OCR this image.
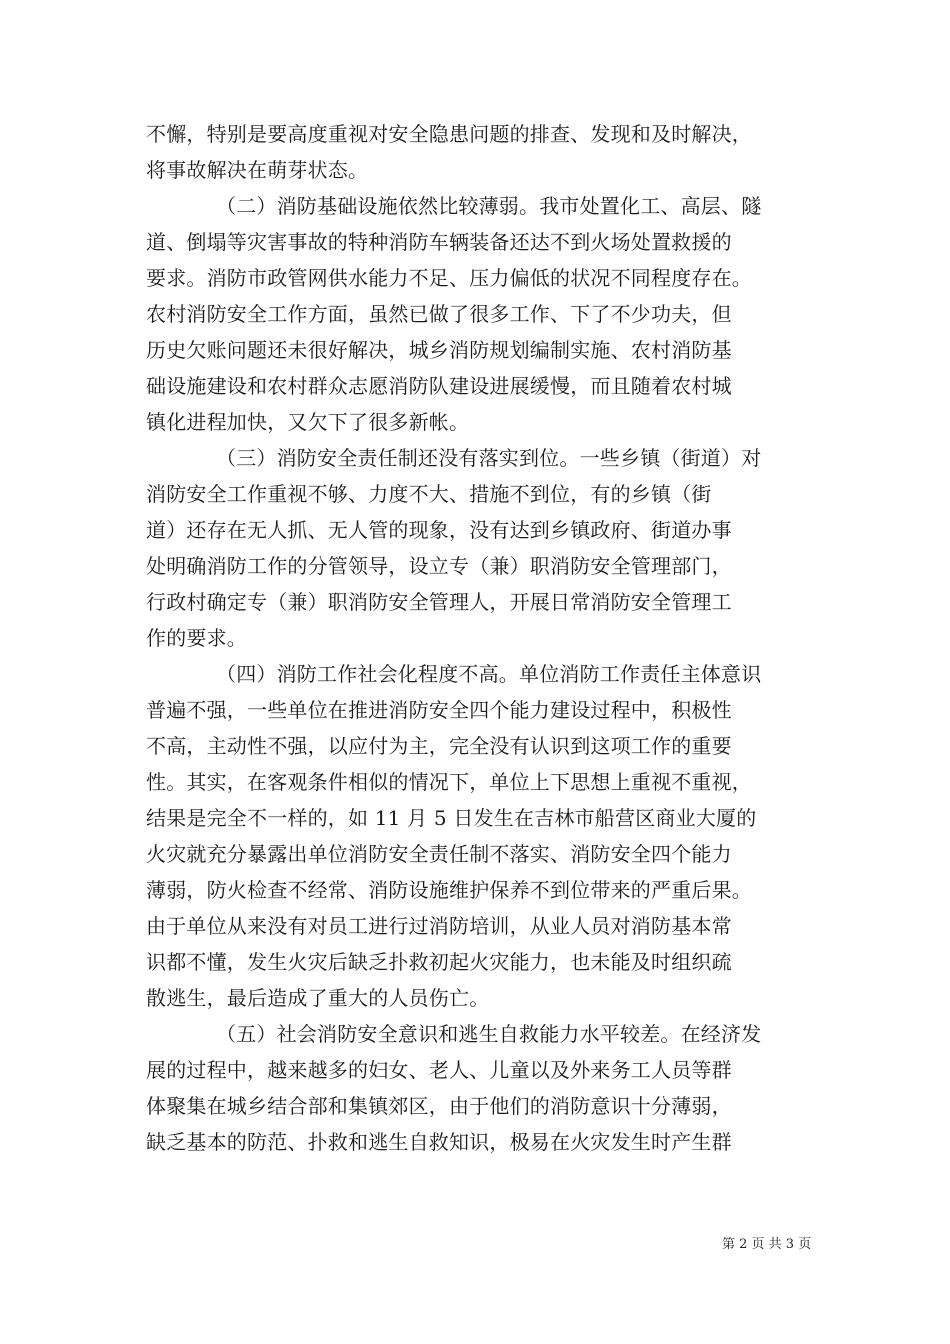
不懈，特别是要高度重视对安全隐患问题的排查、发现和及时解决，
将事故解决在萌芽状态。
（二）消防基础设施依然比较薄弱。我市处置化工、高层、隧
道、倒塌等灾害事故的特种消防车辆装备还达不到火场处置救援的
要求。消防市政管网供水能力不足、压力偏低的状况不同程度存在。
农村消防安全工作方面，虽然已做了很多工作、下了不少功夫，但
历史欠账问题还未很好解决，城乡消防规划编制实施、农村消防基
础设施建设和农村群众志愿消防队建设进展缓慢，而且随着农村城
镇化进程加快，又欠下了很多新帐。
（三）消防安全责任制还没有落实到位。一些乡镇（街道）对
消防安全工作重视不够、力度不大、措施不到位，有的乡镇（街
道）还存在无人抓、无人管的现象，没有达到乡镇政府、街道办事
处明确消防工作的分管领导，设立专（兼）职消防安全管理部门，
行政村确定专（兼）职消防安全管理人，开展日常消防安全管理工
作的要求。
（四）消防工作社会化程度不高。单位消防工作责任主体意识
普遍不强，一些单位在推进消防安全四个能力建设过程中，积极性
不高，主动性不强，以应付为主，完全没有认识到这项工作的重要
性。其实，在客观条件相似的情况下，单位上下思想上重视不重视，
结果是完全不一样的，如 11 月 5 日发生在吉林市船营区商业大厦的
火灾就充分暴露出单位消防安全责任制不落实、消防安全四个能力
薄弱，防火检查不经常、消防设施维护保养不到位带来的严重后果。
由于单位从来没有对员工进行过消防培训，从业人员对消防基本常
识都不懂，发生火灾后缺乏扑救初起火灾能力，也未能及时组织疏
散逃生，最后造成了重大的人员伤亡。
（五）社会消防安全意识和逃生自救能力水平较差。在经济发
展的过程中，越来越多的妇女、老人、儿童以及外来务工人员等群
体聚集在城乡结合部和集镇郊区，由于他们的消防意识十分薄弱，
缺乏基本的防范、扑救和逃生自救知识，极易在火灾发生时产生群
第 2 页 共 3 页
